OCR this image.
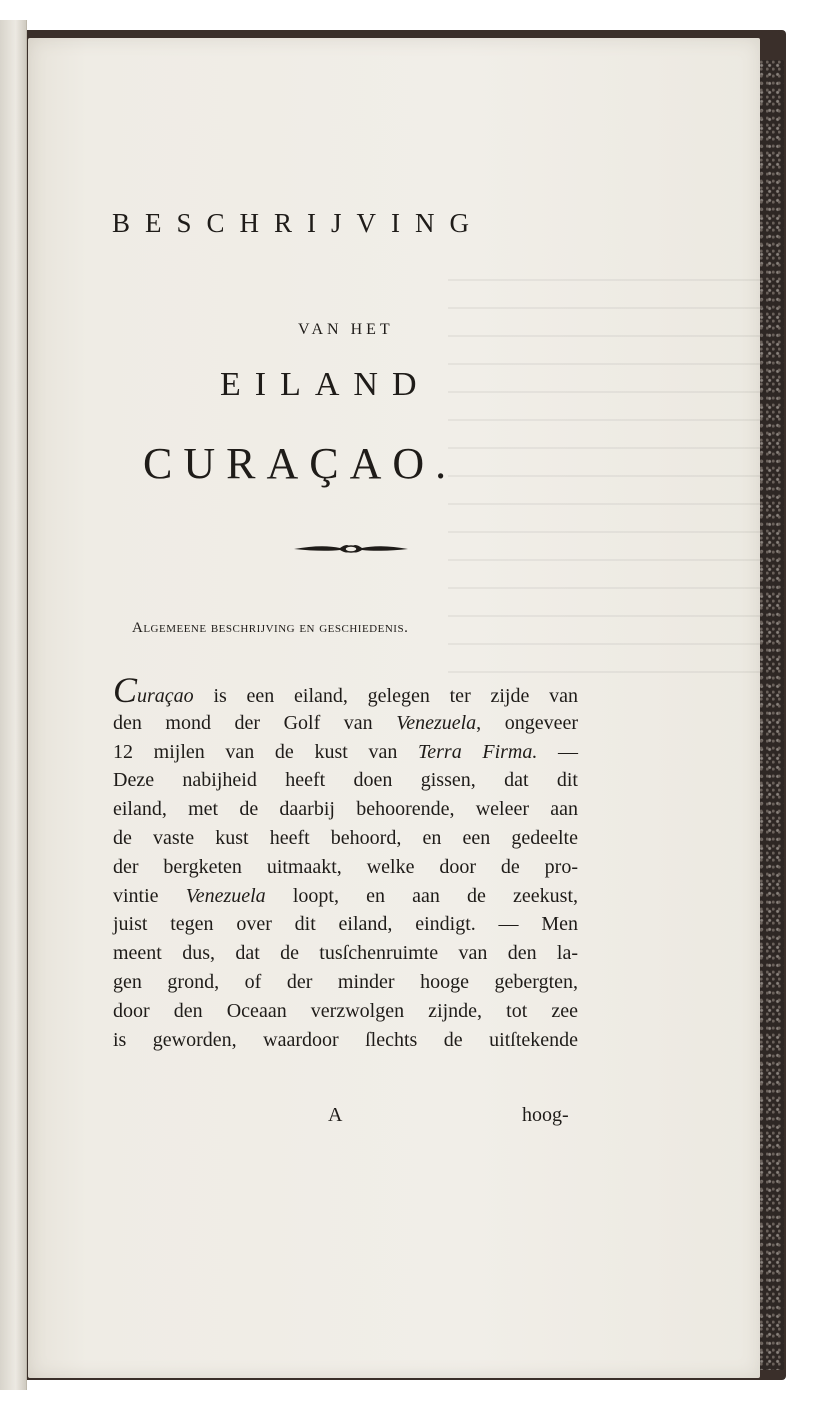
BESCHRIJVING
VAN HET
EILAND
CURAÇAO.
Algemeene beschrijving en geschiedenis.
Curaçao is een eiland, gelegen ter zijde van
den mond der Golf van Venezuela, ongeveer
12 mijlen van de kust van Terra Firma. —
Deze nabijheid heeft doen gissen, dat dit
eiland, met de daarbij behoorende, weleer aan
de vaste kust heeft behoord, en een gedeelte
der bergketen uitmaakt, welke door de pro-
vintie Venezuela loopt, en aan de zeekust,
juist tegen over dit eiland, eindigt. — Men
meent dus, dat de tusſchenruimte van den la-
gen grond, of der minder hooge gebergten,
door den Oceaan verzwolgen zijnde, tot zee
is geworden, waardoor ſlechts de uitſtekende
A	hoog-
